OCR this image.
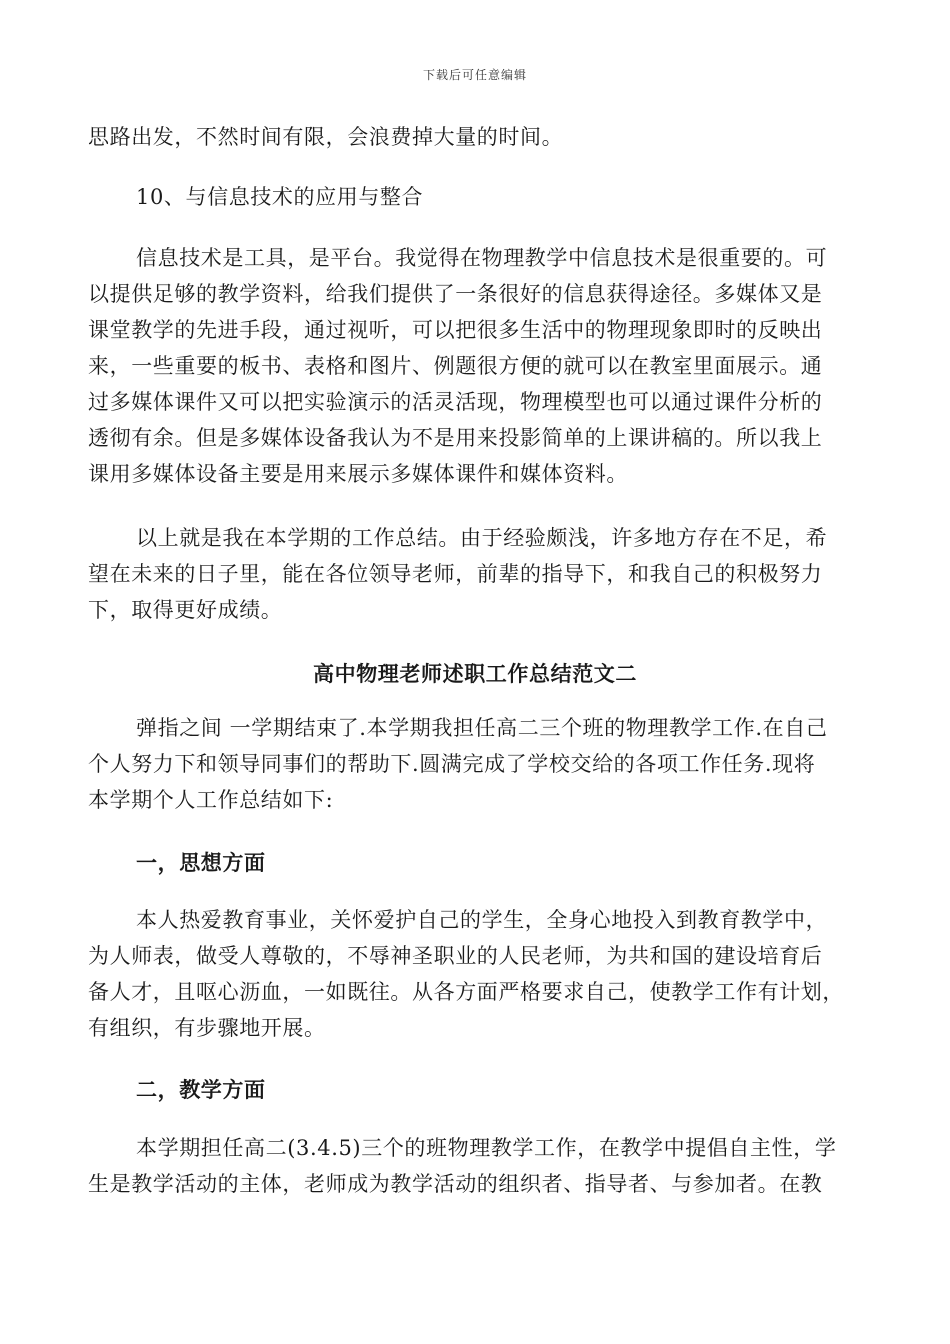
下载后可任意编辑
思路出发，不然时间有限，会浪费掉大量的时间。
10、与信息技术的应用与整合
信息技术是工具，是平台。我觉得在物理教学中信息技术是很重要的。可
以提供足够的教学资料，给我们提供了一条很好的信息获得途径。多媒体又是
课堂教学的先进手段，通过视听，可以把很多生活中的物理现象即时的反映出
来，一些重要的板书、表格和图片、例题很方便的就可以在教室里面展示。通
过多媒体课件又可以把实验演示的活灵活现，物理模型也可以通过课件分析的
透彻有余。但是多媒体设备我认为不是用来投影简单的上课讲稿的。所以我上
课用多媒体设备主要是用来展示多媒体课件和媒体资料。
以上就是我在本学期的工作总结。由于经验颇浅，许多地方存在不足，希
望在未来的日子里，能在各位领导老师，前辈的指导下，和我自己的积极努力
下，取得更好成绩。
高中物理老师述职工作总结范文二
弹指之间 一学期结束了.本学期我担任高二三个班的物理教学工作.在自己
个人努力下和领导同事们的帮助下.圆满完成了学校交给的各项工作任务.现将
本学期个人工作总结如下:
一，思想方面
本人热爱教育事业，关怀爱护自己的学生，全身心地投入到教育教学中，
为人师表，做受人尊敬的，不辱神圣职业的人民老师，为共和国的建设培育后
备人才，且呕心沥血，一如既往。从各方面严格要求自己，使教学工作有计划，
有组织，有步骤地开展。
二，教学方面
本学期担任高二(3.4.5)三个的班物理教学工作，在教学中提倡自主性，学
生是教学活动的主体，老师成为教学活动的组织者、指导者、与参加者。在教
